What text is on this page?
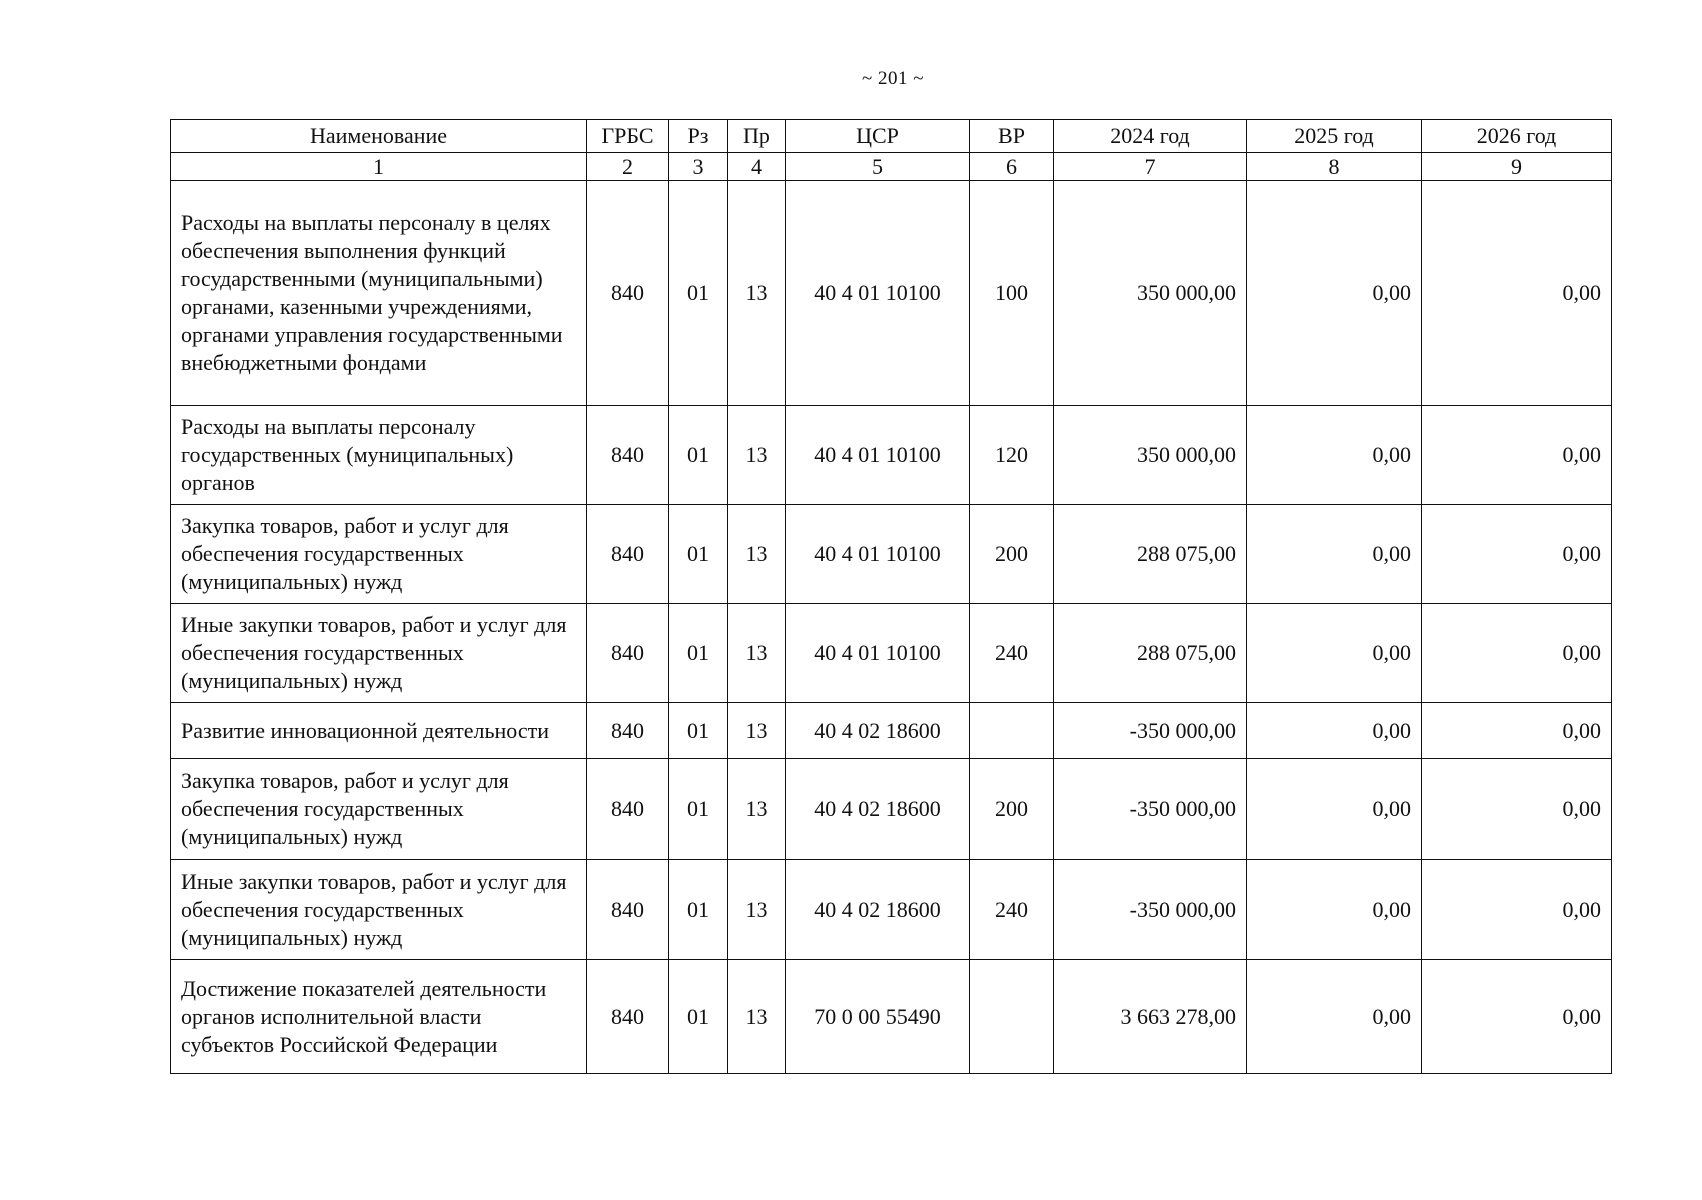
~ 201 ~
Наименование	ГРБС	Рз	Пр	ЦСР	ВР	2024 год	2025 год	2026 год
1	2	3	4	5	6	7	8	9
Расходы на выплаты персоналу в целях обеспечения выполнения функций государственными (муниципальными) органами, казенными учреждениями, органами управления государственными внебюджетными фондами	840	01	13	40 4 01 10100	100	350 000,00	0,00	0,00
Расходы на выплаты персоналу государственных (муниципальных) органов	840	01	13	40 4 01 10100	120	350 000,00	0,00	0,00
Закупка товаров, работ и услуг для обеспечения государственных (муниципальных) нужд	840	01	13	40 4 01 10100	200	288 075,00	0,00	0,00
Иные закупки товаров, работ и услуг для обеспечения государственных (муниципальных) нужд	840	01	13	40 4 01 10100	240	288 075,00	0,00	0,00
Развитие инновационной деятельности	840	01	13	40 4 02 18600		-350 000,00	0,00	0,00
Закупка товаров, работ и услуг для обеспечения государственных (муниципальных) нужд	840	01	13	40 4 02 18600	200	-350 000,00	0,00	0,00
Иные закупки товаров, работ и услуг для обеспечения государственных (муниципальных) нужд	840	01	13	40 4 02 18600	240	-350 000,00	0,00	0,00
Достижение показателей деятельности органов исполнительной власти субъектов Российской Федерации	840	01	13	70 0 00 55490		3 663 278,00	0,00	0,00
